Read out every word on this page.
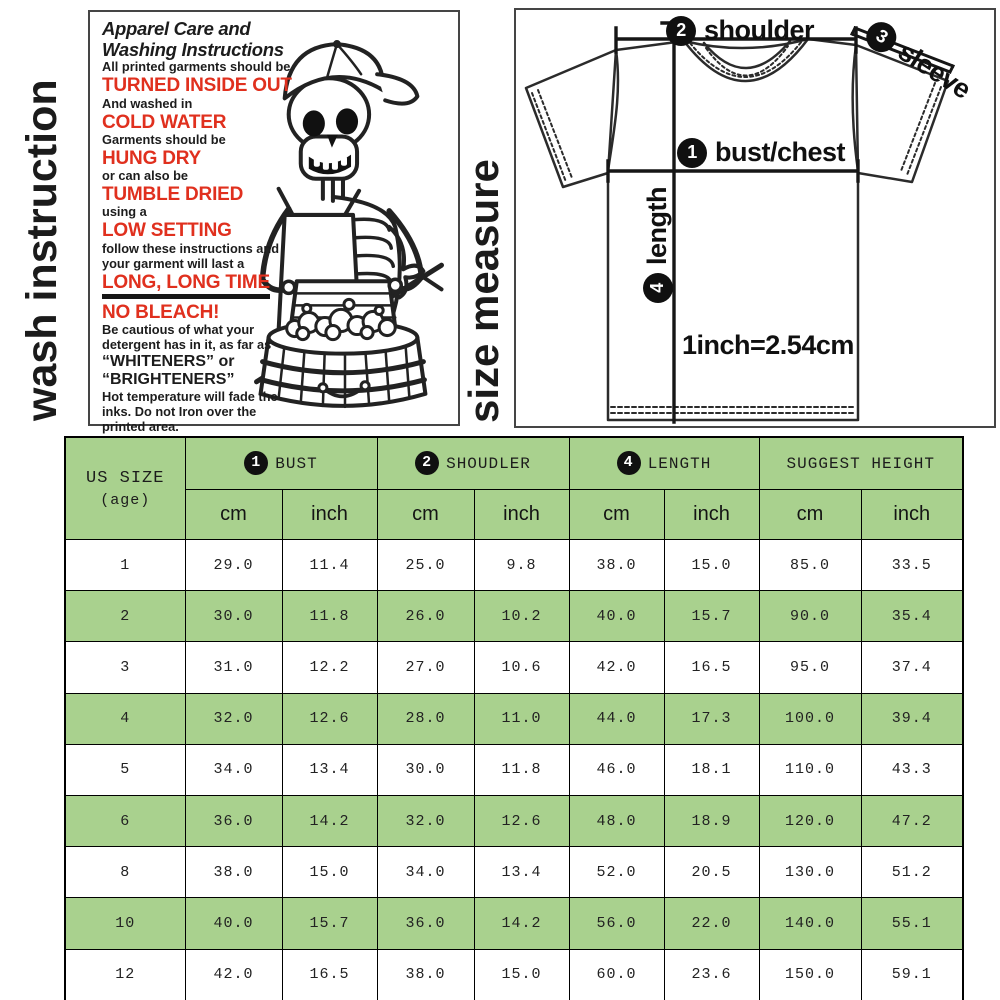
wash instruction	size measure
Apparel Care and
Washing Instructions
All printed garments should be
TURNED INSIDE OUT
And washed in
COLD WATER
Garments should be
HUNG DRY
or can also be
TUMBLE DRIED
using a
LOW SETTING
follow these instructions and
your garment will last a
LONG, LONG TIME
NO BLEACH!
Be cautious of what your
detergent has in it, as far as
“WHITENERS” or
“BRIGHTENERS”
Hot temperature will fade the
inks. Do not Iron over the
printed area.
2 shoulder	3 sleeve
1 bust/chest
4
length
1inch=2.54cm
US SIZE
(age)	1 BUST		2 SHOUDLER		4 LENGTH		SUGGEST HEIGHT	
	cm	inch	cm	inch	cm	inch	cm	inch
1	29.0	11.4	25.0	9.8	38.0	15.0	85.0	33.5
2	30.0	11.8	26.0	10.2	40.0	15.7	90.0	35.4
3	31.0	12.2	27.0	10.6	42.0	16.5	95.0	37.4
4	32.0	12.6	28.0	11.0	44.0	17.3	100.0	39.4
5	34.0	13.4	30.0	11.8	46.0	18.1	110.0	43.3
6	36.0	14.2	32.0	12.6	48.0	18.9	120.0	47.2
8	38.0	15.0	34.0	13.4	52.0	20.5	130.0	51.2
10	40.0	15.7	36.0	14.2	56.0	22.0	140.0	55.1
12	42.0	16.5	38.0	15.0	60.0	23.6	150.0	59.1
